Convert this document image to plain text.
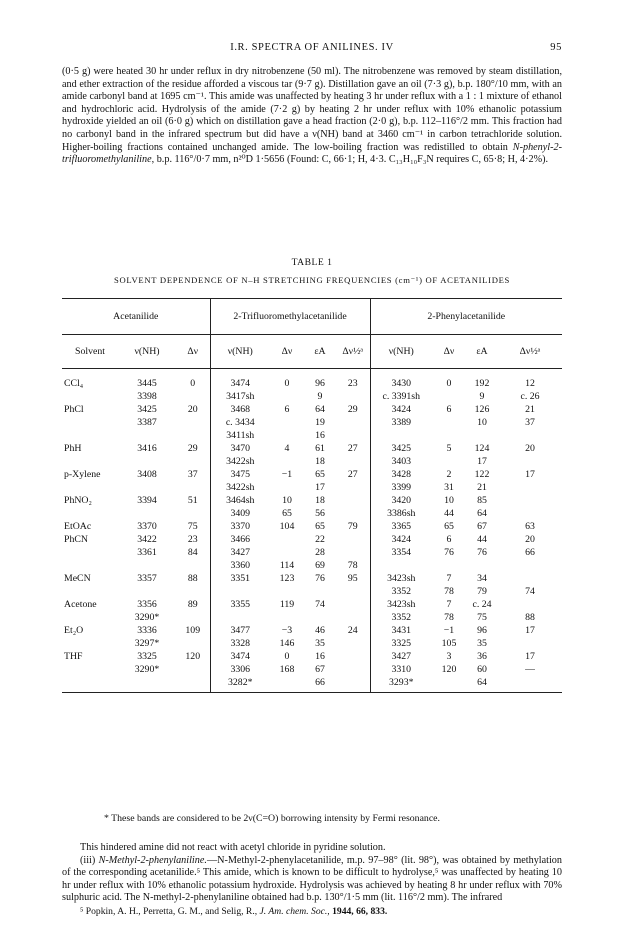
I.R. SPECTRA OF ANILINES. IV	95
(0·5 g) were heated 30 hr under reflux in dry nitrobenzene (50 ml). The nitrobenzene was removed by steam distillation, and ether extraction of the residue afforded a viscous tar (9·7 g). Distillation gave an oil (7·3 g), b.p. 180°/10 mm, with an amide carbonyl band at 1695 cm⁻¹. This amide was unaffected by heating 3 hr under reflux with a 1 : 1 mixture of ethanol and hydrochloric acid. Hydrolysis of the amide (7·2 g) by heating 2 hr under reflux with 10% ethanolic potassium hydroxide yielded an oil (6·0 g) which on distillation gave a head fraction (2·0 g), b.p. 112–116°/2 mm. This fraction had no carbonyl band in the infrared spectrum but did have a ν(NH) band at 3460 cm⁻¹ in carbon tetrachloride solution. Higher-boiling fractions contained unchanged amide. The low-boiling fraction was redistilled to obtain N-phenyl-2-trifluoromethylaniline, b.p. 116°/0·7 mm, n²⁰D 1·5656 (Found: C, 66·1; H, 4·3. C₁₃H₁₀F₃N requires C, 65·8; H, 4·2%).
TABLE 1
SOLVENT DEPENDENCE OF N–H STRETCHING FREQUENCIES (cm⁻¹) OF ACETANILIDES
Acetanilide			2-Trifluoromethylacetanilide				2-Phenylacetanilide			
Solvent	ν(NH)	Δν	ν(NH)	Δν	εA	Δν½ᵃ	ν(NH)	Δν	εA	Δν½ᵃ
CCl₄	3445	0	3474	0	96	23	3430	0	192	12
	3398		3417sh		9		c. 3391sh		9	c. 26
PhCl	3425	20	3468	6	64	29	3424	6	126	21
	3387		c. 3434		19		3389		10	37
			3411sh		16					
PhH	3416	29	3470	4	61	27	3425	5	124	20
			3422sh		18		3403		17	
p-Xylene	3408	37	3475	−1	65	27	3428	2	122	17
			3422sh		17		3399	31	21	
PhNO₂	3394	51	3464sh	10	18		3420	10	85	
			3409	65	56		3386sh	44	64	
EtOAc	3370	75	3370	104	65	79	3365	65	67	63
PhCN	3422	23	3466		22		3424	6	44	20
	3361	84	3427		28		3354	76	76	66
			3360	114	69	78				
MeCN	3357	88	3351	123	76	95	3423sh	7	34	
							3352	78	79	74
Acetone	3356	89	3355	119	74		3423sh	7	c. 24	
	3290*						3352	78	75	88
Et₂O	3336	109	3477	−3	46	24	3431	−1	96	17
	3297*		3328	146	35		3325	105	35	
THF	3325	120	3474	0	16		3427	3	36	17
	3290*		3306	168	67		3310	120	60	—
			3282*		66		3293*		64	
* These bands are considered to be 2ν(C=O) borrowing intensity by Fermi resonance.
This hindered amine did not react with acetyl chloride in pyridine solution.
(iii) N-Methyl-2-phenylaniline.—N-Methyl-2-phenylacetanilide, m.p. 97–98° (lit. 98°), was obtained by methylation of the corresponding acetanilide.⁵ This amide, which is known to be difficult to hydrolyse,⁵ was unaffected by heating 10 hr under reflux with 10% ethanolic potassium hydroxide. Hydrolysis was achieved by heating 8 hr under reflux with 70% sulphuric acid. The N-methyl-2-phenylaniline obtained had b.p. 130°/1·5 mm (lit. 116°/2 mm). The infrared
⁵ Popkin, A. H., Perretta, G. M., and Selig, R., J. Am. chem. Soc., 1944, 66, 833.
